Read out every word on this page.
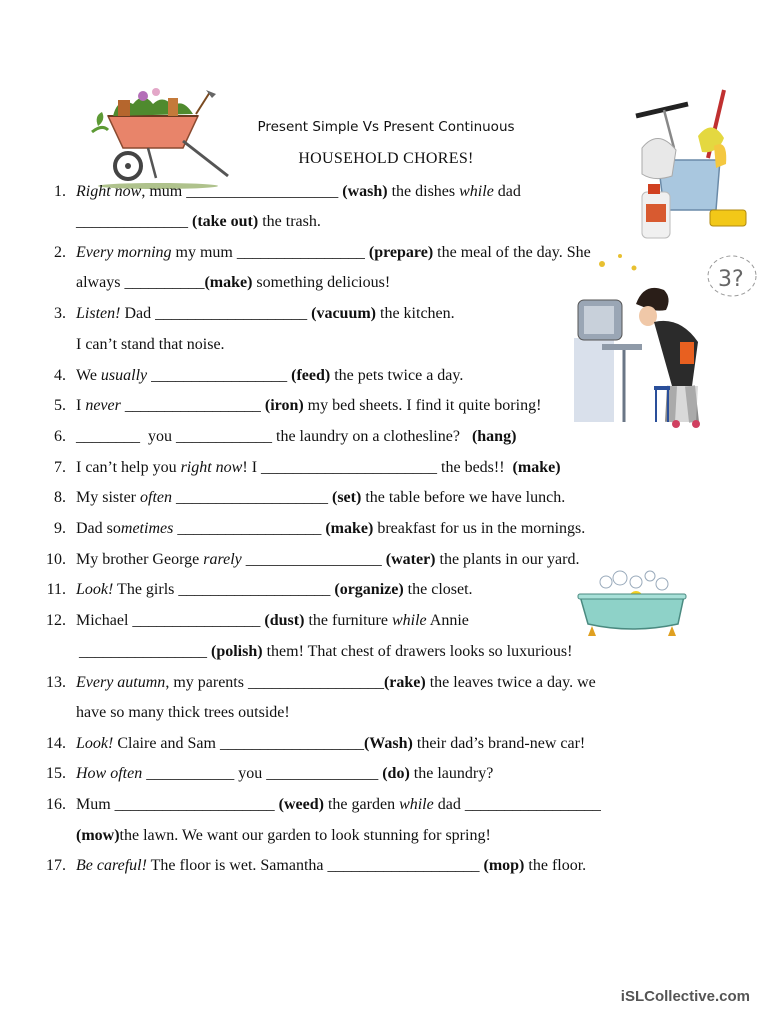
Present Simple Vs Present Continuous
HOUSEHOLD CHORES!
3?
1. Right now, mum ___________________ (wash) the dishes while dad
______________ (take out) the trash.
2. Every morning my mum ________________ (prepare) the meal of the day. She
always __________(make) something delicious!
3. Listen! Dad ___________________ (vacuum) the kitchen.
I can’t stand that noise.
4. We usually _________________ (feed) the pets twice a day.
5. I never _________________ (iron) my bed sheets. I find it quite boring!
6. ________  you ____________ the laundry on a clothesline?   (hang)
7. I can’t help you right now! I ______________________ the beds!!  (make)
8. My sister often ___________________ (set) the table before we have lunch.
9. Dad sometimes __________________ (make) breakfast for us in the mornings.
10. My brother George rarely _________________ (water) the plants in our yard.
11. Look! The girls ___________________ (organize) the closet.
12. Michael ________________ (dust) the furniture while Annie
________________ (polish) them! That chest of drawers looks so luxurious!
13. Every autumn, my parents _________________(rake) the leaves twice a day. we
have so many thick trees outside!
14. Look! Claire and Sam __________________(Wash) their dad’s brand-new car!
15. How often ___________ you ______________ (do) the laundry?
16. Mum ____________________ (weed) the garden while dad _________________
(mow)the lawn. We want our garden to look stunning for spring!
17. Be careful! The floor is wet. Samantha ___________________ (mop) the floor.
iSLCollective.com
